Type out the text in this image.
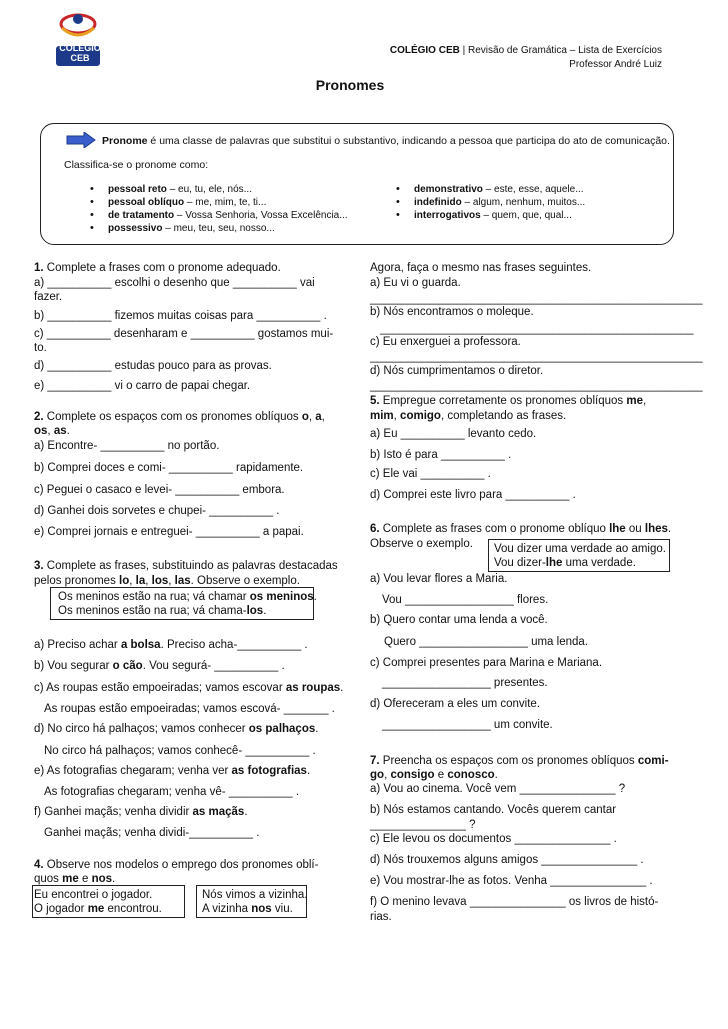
COLÉGIO CEB
COLÉGIO CEB | Revisão de Gramática – Lista de Exercícios
Professor André Luiz
Pronomes
Pronome é uma classe de palavras que substitui o substantivo, indicando a pessoa que participa do ato de comunicação.
Classifica-se o pronome como:
• pessoal reto – eu, tu, ele, nós...
• pessoal oblíquo – me, mim, te, ti...
• de tratamento – Vossa Senhoria, Vossa Excelência...
• possessivo – meu, teu, seu, nosso...
• demonstrativo – este, esse, aquele...
• indefinido – algum, nenhum, muitos...
• interrogativos – quem, que, qual...
1. Complete a frases com o pronome adequado.
a) __________ escolhi o desenho que __________ vai
fazer.
b) __________ fizemos muitas coisas para __________ .
c) __________ desenharam e __________ gostamos mui-
to.
d) __________ estudas pouco para as provas.
e) __________ vi o carro de papai chegar.
2. Complete os espaços com os pronomes oblíquos o, a,
os, as.
a) Encontre- __________ no portão.
b) Comprei doces e comi- __________ rapidamente.
c) Peguei o casaco e levei- __________ embora.
d) Ganhei dois sorvetes e chupei- __________ .
e) Comprei jornais e entreguei- __________ a papai.
3. Complete as frases, substituindo as palavras destacadas
pelos pronomes lo, la, los, las. Observe o exemplo.
Os meninos estão na rua; vá chamar os meninos.
Os meninos estão na rua; vá chama-los.
a) Preciso achar a bolsa. Preciso acha-__________ .
b) Vou segurar o cão. Vou segurá- __________ .
c) As roupas estão empoeiradas; vamos escovar as roupas.
As roupas estão empoeiradas; vamos escová- _______ .
d) No circo há palhaços; vamos conhecer os palhaços.
No circo há palhaços; vamos conhecê- __________ .
e) As fotografias chegaram; venha ver as fotografias.
As fotografias chegaram; venha vê- __________ .
f) Ganhei maçãs; venha dividir as maçãs.
Ganhei maçãs; venha dividi-__________ .
4. Observe nos modelos o emprego dos pronomes oblí-
quos me e nos.
Eu encontrei o jogador.
O jogador me encontrou.
Nós vimos a vizinha.
A vizinha nos viu.
Agora, faça o mesmo nas frases seguintes.
a) Eu vi o guarda.
____________________________________________________
b) Nós encontramos o moleque.
_________________________________________________
c) Eu enxerguei a professora.
____________________________________________________
d) Nós cumprimentamos o diretor.
____________________________________________________
5. Empregue corretamente os pronomes oblíquos me,
mim, comigo, completando as frases.
a) Eu __________ levanto cedo.
b) Isto é para __________ .
c) Ele vai __________ .
d) Comprei este livro para __________ .
6. Complete as frases com o pronome oblíquo lhe ou lhes.
Observe o exemplo. Vou dizer uma verdade ao amigo.
Vou dizer-lhe uma verdade.
a) Vou levar flores a Maria.
Vou _________________ flores.
b) Quero contar uma lenda a você.
Quero _________________ uma lenda.
c) Comprei presentes para Marina e Mariana.
_________________ presentes.
d) Ofereceram a eles um convite.
_________________ um convite.
7. Preencha os espaços com os pronomes oblíquos comi-
go, consigo e conosco.
a) Vou ao cinema. Você vem _______________ ?
b) Nós estamos cantando. Vocês querem cantar
_______________ ?
c) Ele levou os documentos _______________ .
d) Nós trouxemos alguns amigos _______________ .
e) Vou mostrar-lhe as fotos. Venha _______________ .
f) O menino levava _______________ os livros de histó-
rias.
